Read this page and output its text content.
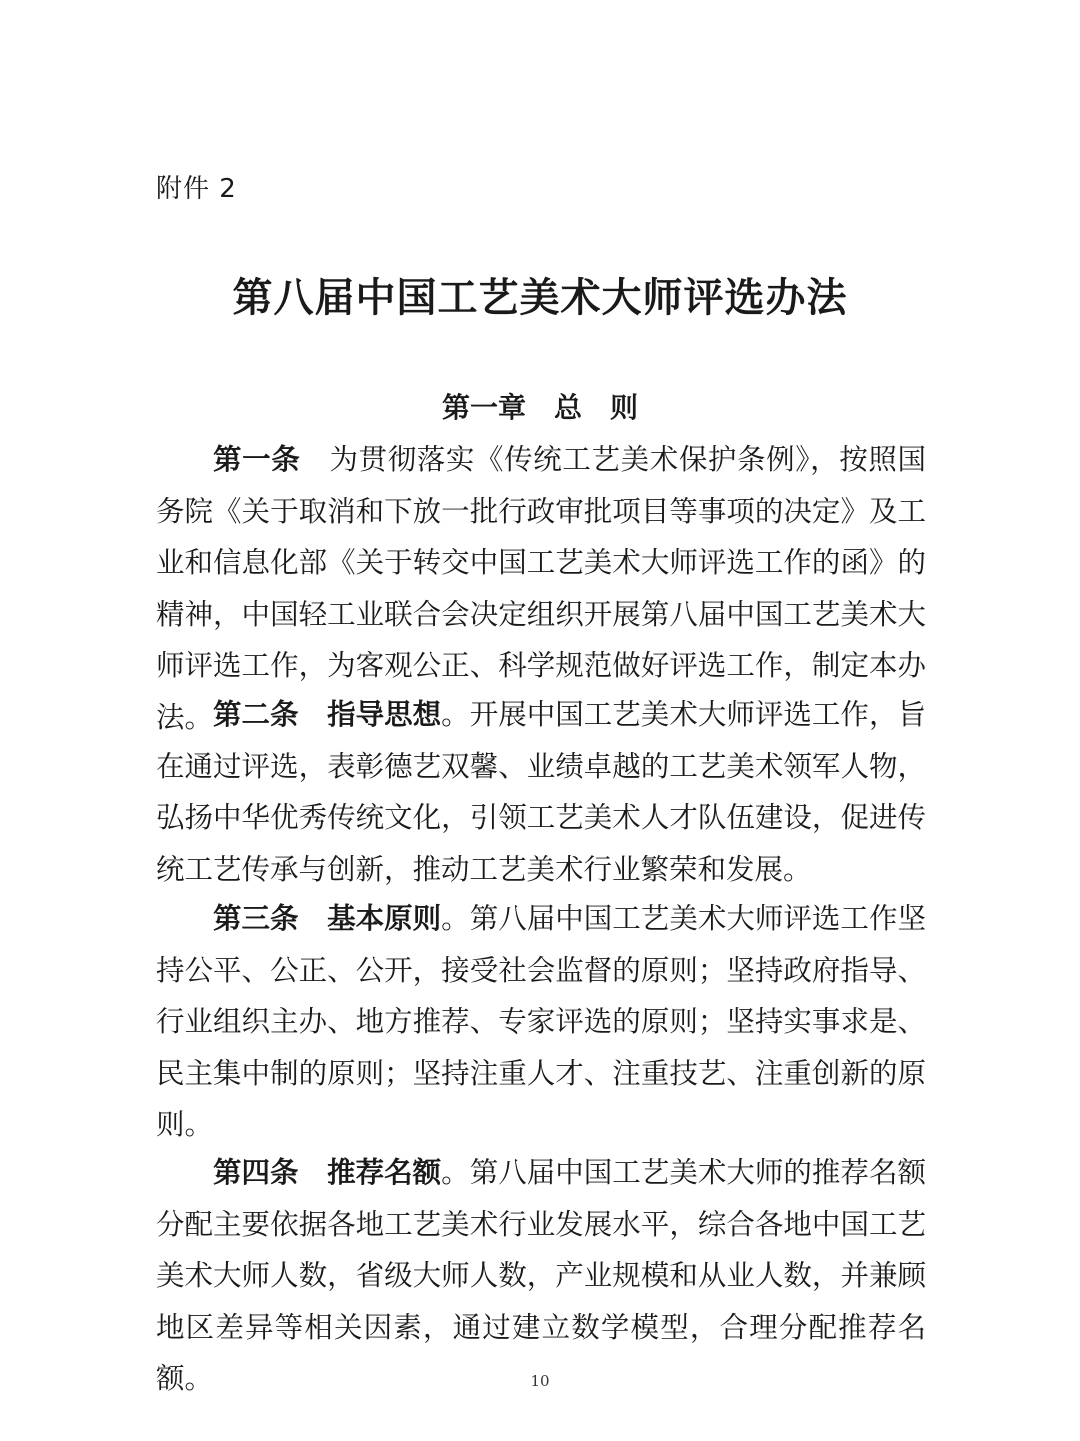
附件 2
第八届中国工艺美术大师评选办法
第一章　总　则

第一条　 为贯彻落实《传统工艺美术保护条例》，按照国务院《关于取消和下放一批行政审批项目等事项的决定》及工业和信息化部《关于转交中国工艺美术大师评选工作的函》的精神，中国轻工业联合会决定组织开展第八届中国工艺美术大师评选工作，为客观公正、科学规范做好评选工作，制定本办法。 第二条　 指导思想。开展中国工艺美术大师评选工作，旨在通过评选，表彰德艺双馨、业绩卓越的工艺美术领军人物，弘扬中华优秀传统文化，引领工艺美术人才队伍建设，促进传统工艺传承与创新，推动工艺美术行业繁荣和发展。

第三条　 基本原则。第八届中国工艺美术大师评选工作坚持公平、公正、公开，接受社会监督的原则；坚持政府指导、行业组织主办、地方推荐、专家评选的原则；坚持实事求是、民主集中制的原则；坚持注重人才、注重技艺、注重创新的原则。

第四条　 推荐名额。第八届中国工艺美术大师的推荐名额分配主要依据各地工艺美术行业发展水平，综合各地中国工艺美术大师人数，省级大师人数，产业规模和从业人数，并兼顾地区差异等相关因素，通过建立数学模型，合理分配推荐名额。	10
